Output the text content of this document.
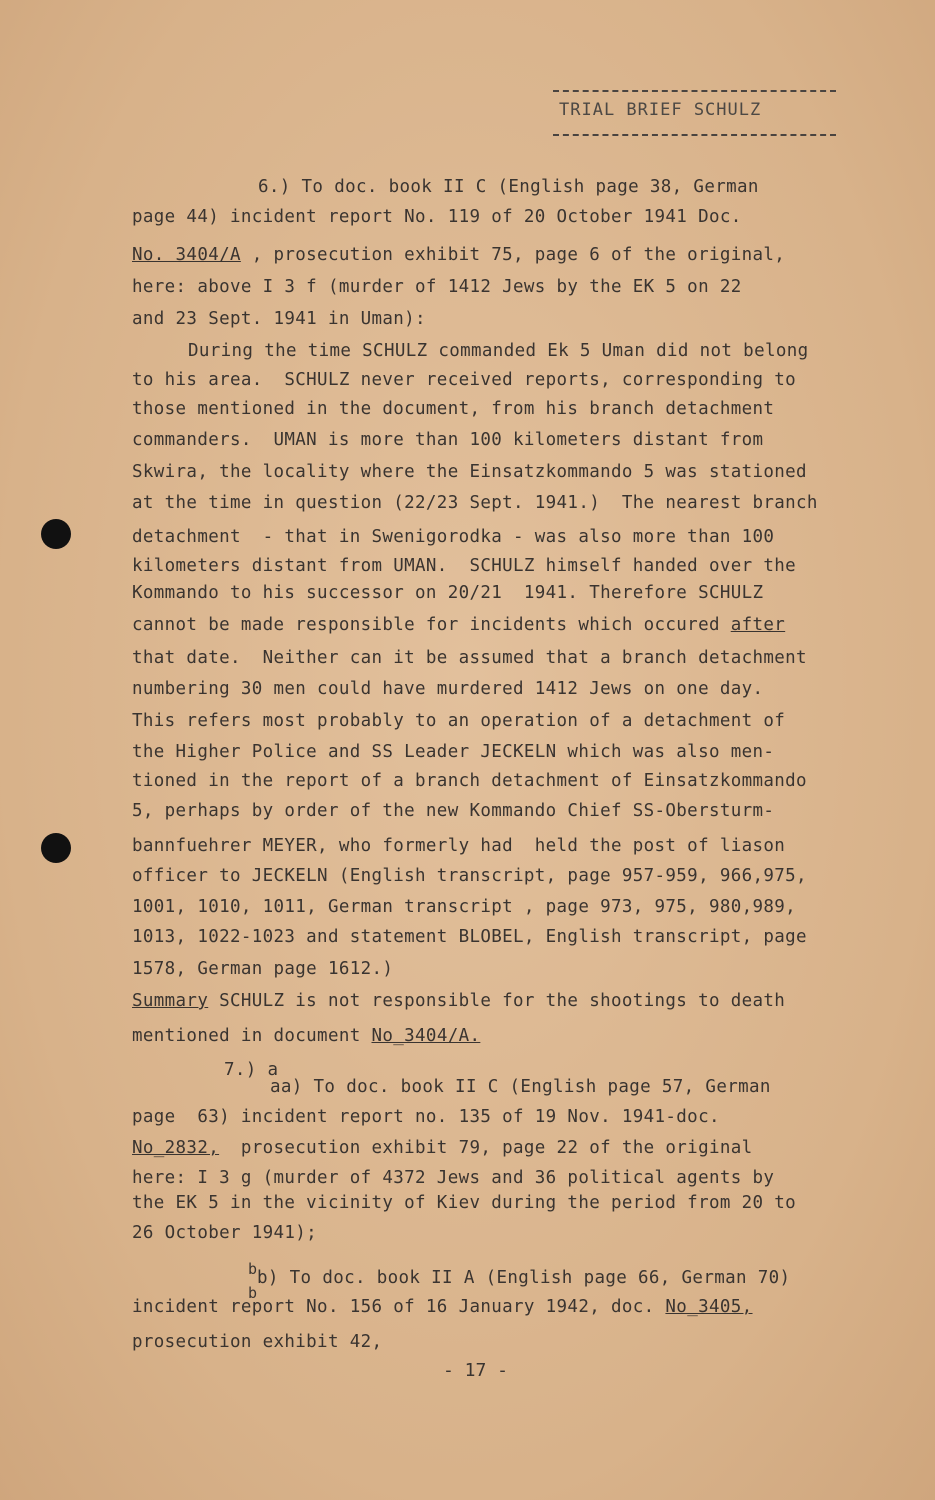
TRIAL BRIEF SCHULZ
6.) To doc. book II C (English page 38, German
page 44) incident report No. 119 of 20 October 1941 Doc.
No. 3404/A , prosecution exhibit 75, page 6 of the original,
here: above I 3 f (murder of 1412 Jews by the EK 5 on 22
and 23 Sept. 1941 in Uman):
During the time SCHULZ commanded Ek 5 Uman did not belong
to his area.  SCHULZ never received reports, corresponding to
those mentioned in the document, from his branch detachment
commanders.  UMAN is more than 100 kilometers distant from
Skwira, the locality where the Einsatzkommando 5 was stationed
at the time in question (22/23 Sept. 1941.)  The nearest branch
detachment  - that in Swenigorodka - was also more than 100
kilometers distant from UMAN.  SCHULZ himself handed over the
Kommando to his successor on 20/21  1941. Therefore SCHULZ
cannot be made responsible for incidents which occured after
that date.  Neither can it be assumed that a branch detachment
numbering 30 men could have murdered 1412 Jews on one day.
This refers most probably to an operation of a detachment of
the Higher Police and SS Leader JECKELN which was also men-
tioned in the report of a branch detachment of Einsatzkommando
5, perhaps by order of the new Kommando Chief SS-Obersturm-
bannfuehrer MEYER, who formerly had  held the post of liason
officer to JECKELN (English transcript, page 957-959, 966,975,
1001, 1010, 1011, German transcript , page 973, 975, 980,989,
1013, 1022-1023 and statement BLOBEL, English transcript, page
1578, German page 1612.)
Summary SCHULZ is not responsible for the shootings to death
mentioned in document No_3404/A.
7.) a
aa) To doc. book II C (English page 57, German
page  63) incident report no. 135 of 19 Nov. 1941-doc.
No_2832,  prosecution exhibit 79, page 22 of the original
here: I 3 g (murder of 4372 Jews and 36 political agents by
the EK 5 in the vicinity of Kiev during the period from 20 to
26 October 1941);
b b) To doc. book II A (English page 66, German 70)
b
incident report No. 156 of 16 January 1942, doc. No_3405,
prosecution exhibit 42,
- 17 -
